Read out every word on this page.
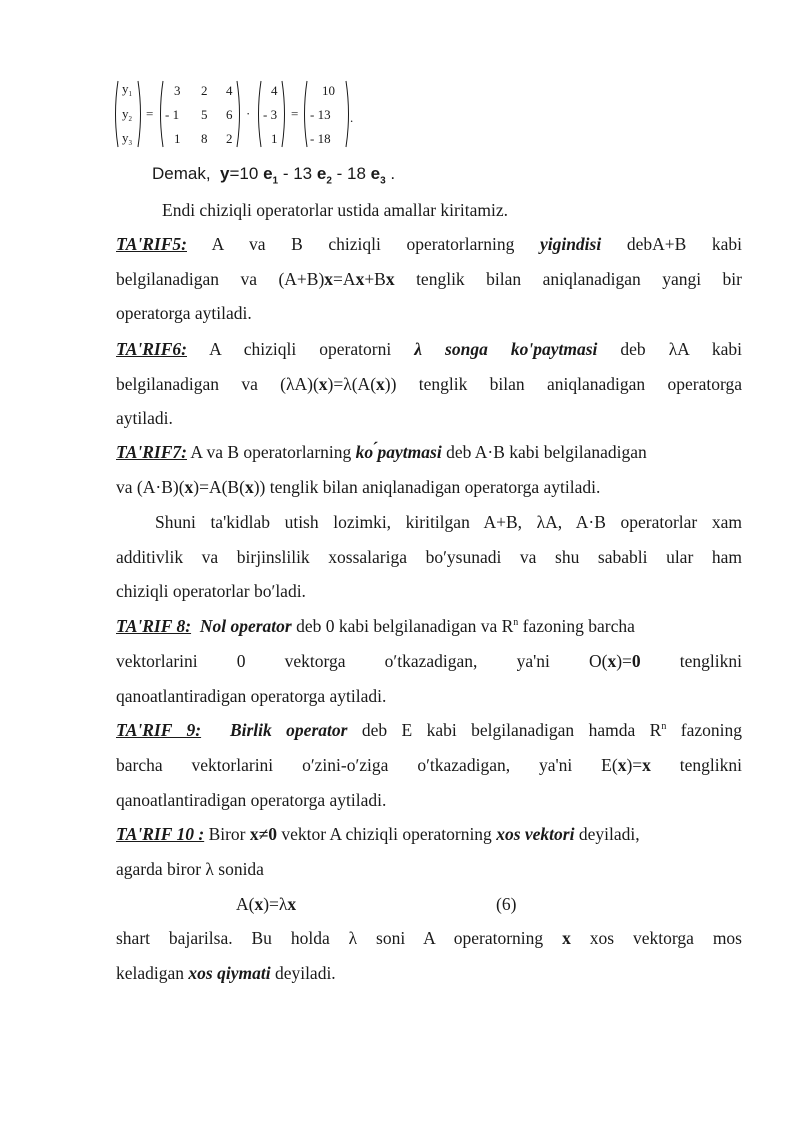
$y_1$
$y_2$
$y_3$
=
3 2 4
- 1 5 6
1 8 2
·
4
- 3
1
=
10
- 13
- 18
.
Demak, y=10 $e_1 - 13$ $e_2 - 18$ $e_3$ .
Endi chiziqli operatorlar ustida amallar kiritamiz.
TA'RIF5: A va B chiziqli operatorlarning yigindisi debA+B kabi
belgilanadigan va (A+B)x=Ax+Bx tenglik bilan aniqlanadigan yangi bir
operatorga aytiladi.
TA'RIF6: A chiziqli operatorni λ songa koʹpaytmasi deb λA kabi
belgilanadigan va (λA)(x)=λ(A(x)) tenglik bilan aniqlanadigan operatorga
aytiladi.
TA'RIF7: A va B operatorlarning ko ́paytmasi deb A·B kabi belgilanadigan
va (A·B)(x)=A(B(x)) tenglik bilan aniqlanadigan operatorga aytiladi.
Shuni ta'kidlab utish lozimki, kiritilgan A+B, λA, A·B operatorlar xam
additivlik va birjinslilik xossalariga boʹysunadi va shu sababli ular ham
chiziqli operatorlar boʹladi.
TA'RIF 8: Nol operator deb 0 kabi belgilanadigan va $R^n$ fazoning barcha
vektorlarini 0 vektorga oʹtkazadigan, ya'ni O(x)=0 tenglikni
qanoatlantiradigan operatorga aytiladi.
TA'RIF 9: Birlik operator deb E kabi belgilanadigan hamda $R^n$ fazoning
barcha vektorlarini oʹzini-oʹziga oʹtkazadigan, ya'ni E(x)=x tenglikni
qanoatlantiradigan operatorga aytiladi.
TA'RIF 10 : Biror x≠0 vektor A chiziqli operatorning xos vektori deyiladi,
agarda biror λ sonida
A(x)=λx	(6)
shart bajarilsa. Bu holda λ soni A operatorning x xos vektorga mos
keladigan xos qiymati deyiladi.
